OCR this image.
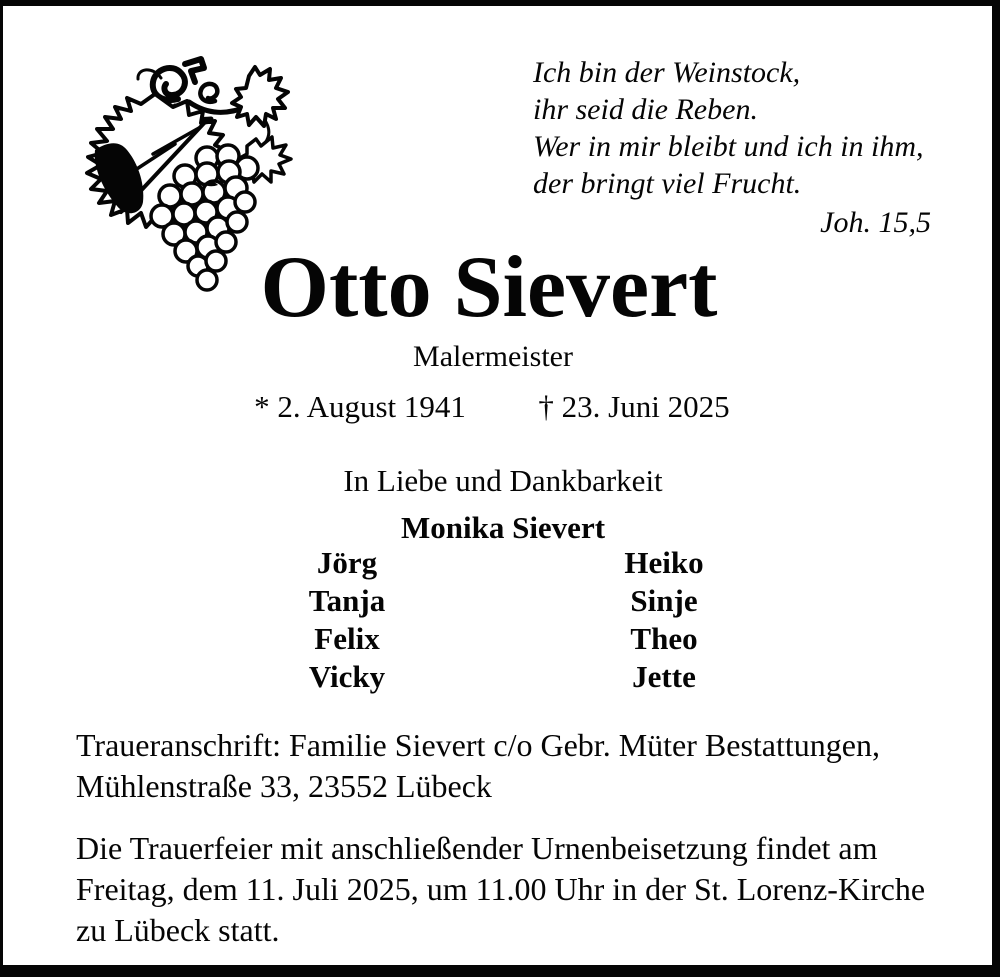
Ich bin der Weinstock,
ihr seid die Reben.
Wer in mir bleibt und ich in ihm,
der bringt viel Frucht.
Joh. 15,5
Otto Sievert
Malermeister
* 2. August 1941 † 23. Juni 2025
In Liebe und Dankbarkeit
Monika Sievert
Jörg
Tanja
Felix
Vicky
Heiko
Sinje
Theo
Jette
Traueranschrift: Familie Sievert c/o Gebr. Müter Bestattungen,
Mühlenstraße 33, 23552 Lübeck
Die Trauerfeier mit anschließender Urnenbeisetzung findet am
Freitag, dem 11. Juli 2025, um 11.00 Uhr in der St. Lorenz-Kirche
zu Lübeck statt.
